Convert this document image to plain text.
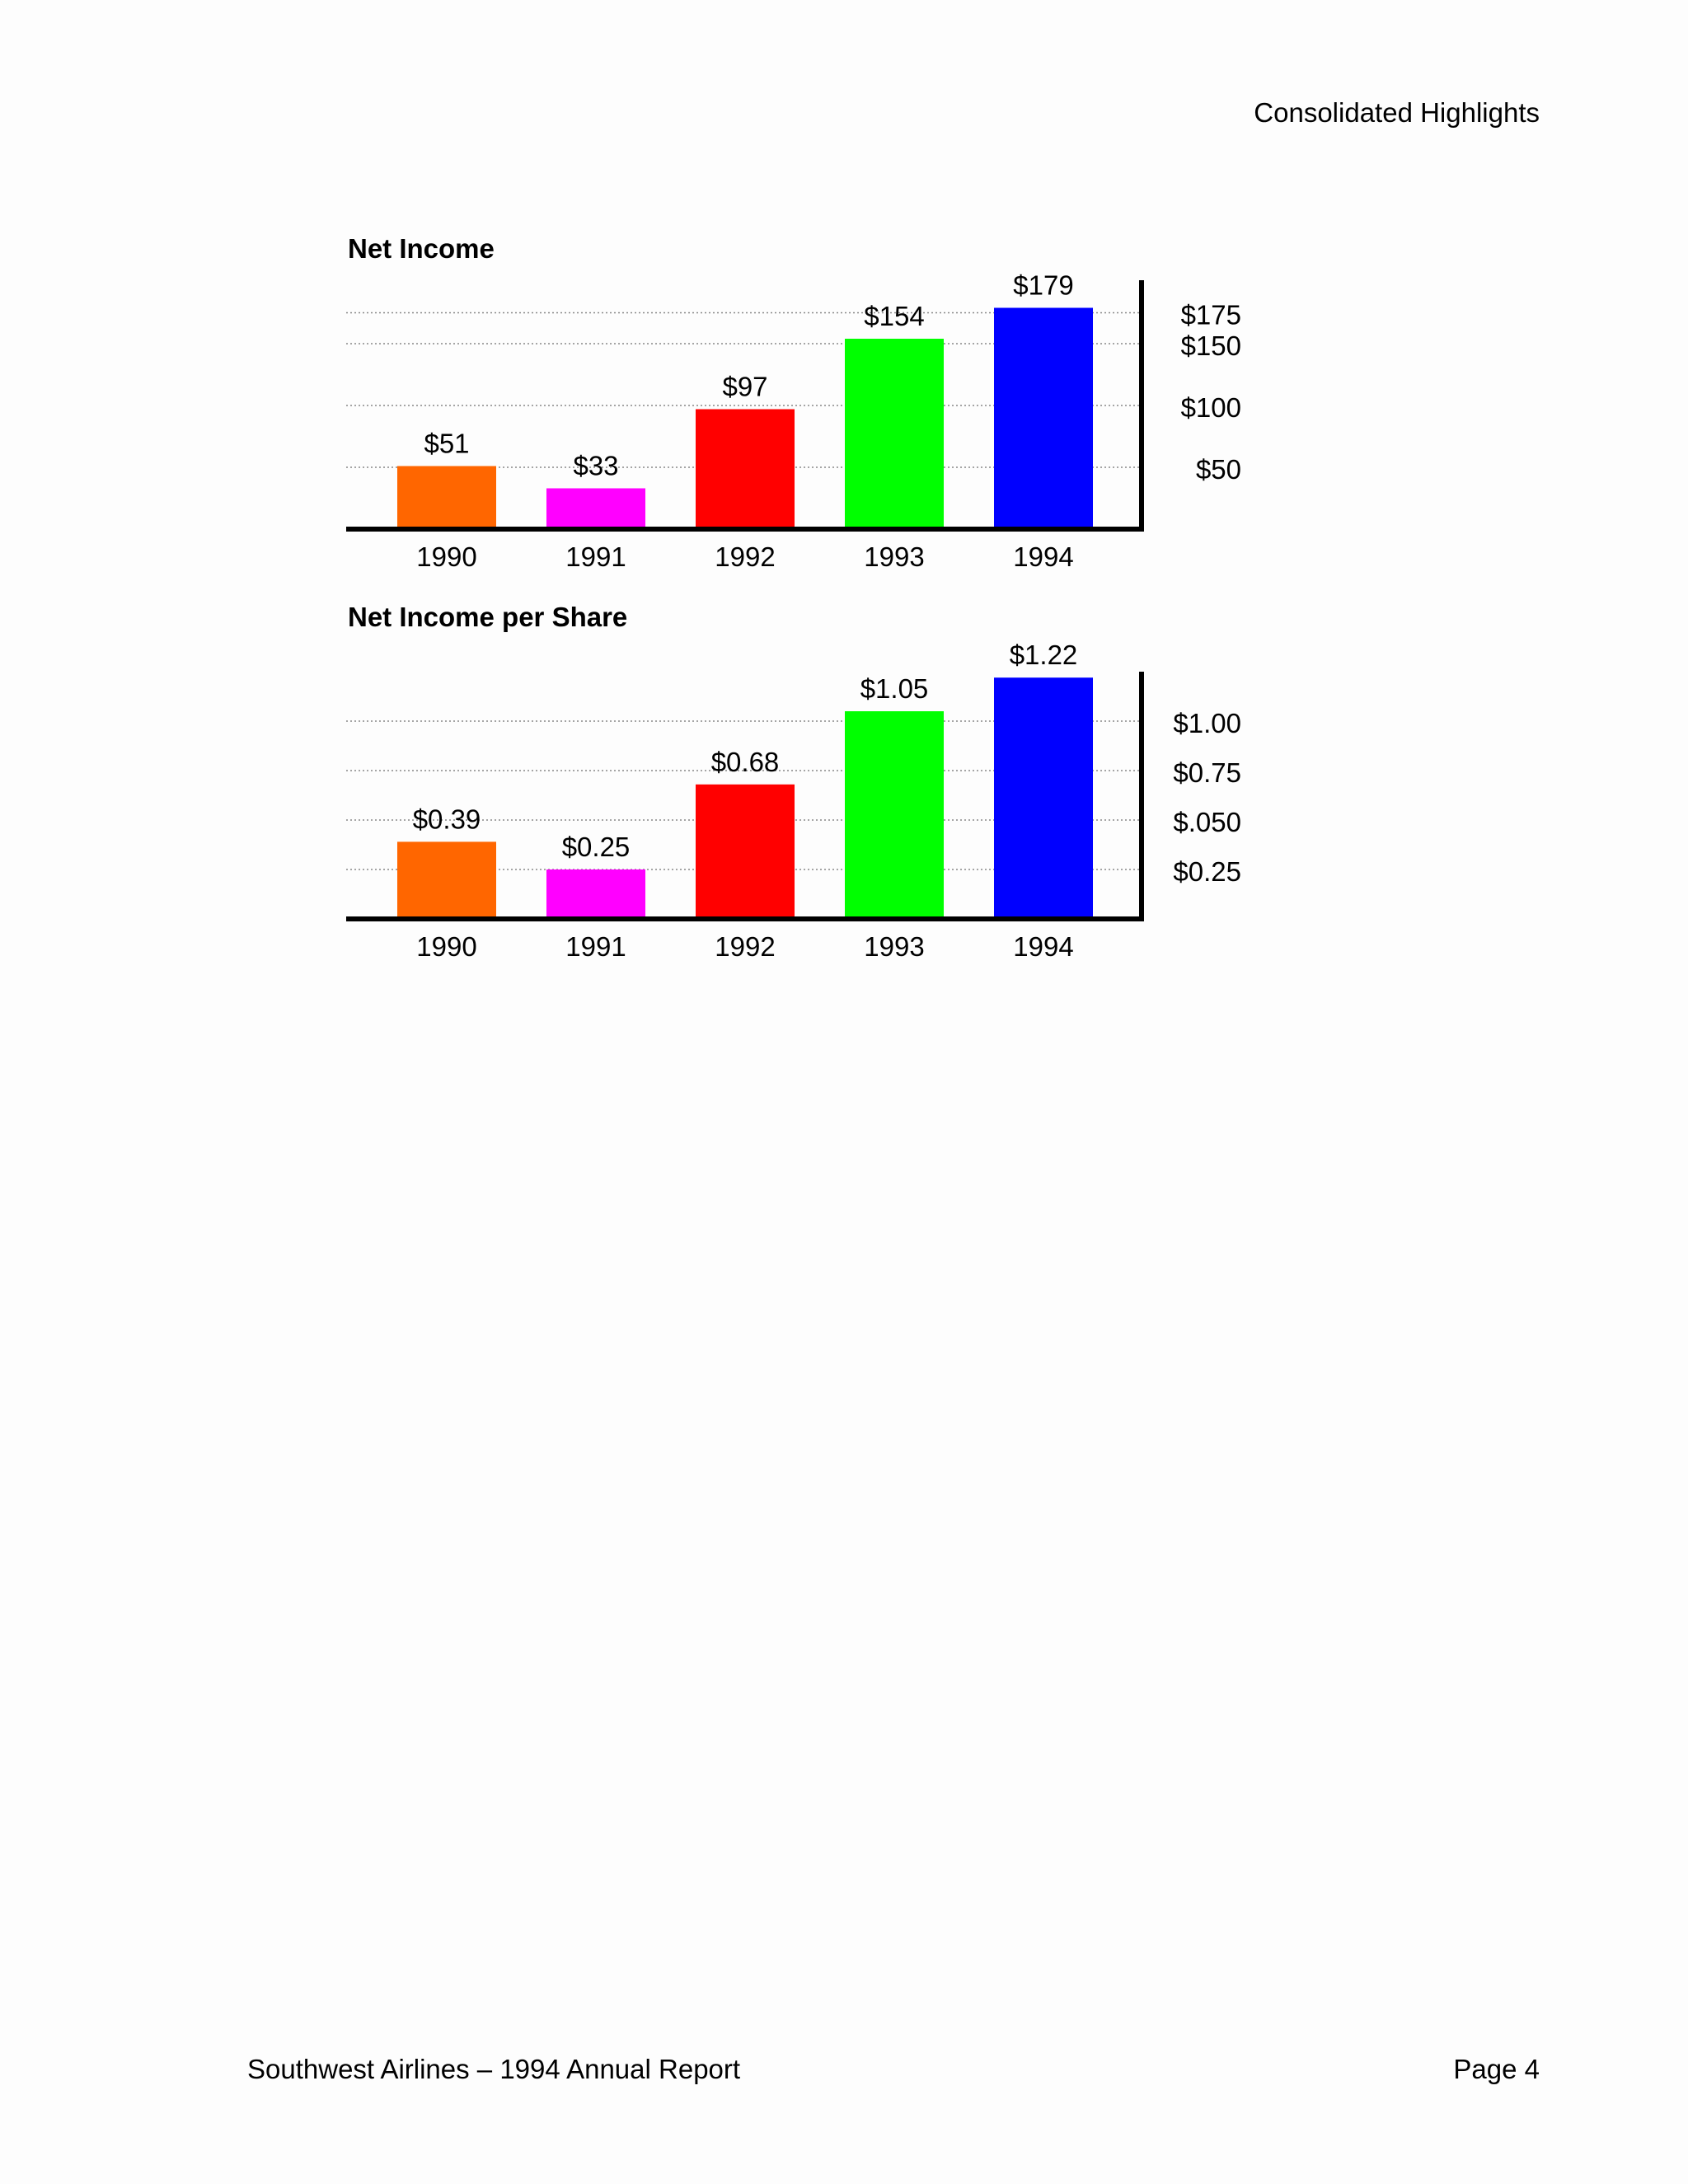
Consolidated Highlights
Net Income
$175
$150
$100
$50
$51
1990
$33
1991
$97
1992
$154
1993
$179
1994
Net Income per Share
$1.00
$0.75
$.050
$0.25
$0.39
1990
$0.25
1991
$0.68
1992
$1.05
1993
$1.22
1994
Southwest Airlines – 1994 Annual Report	Page 4
